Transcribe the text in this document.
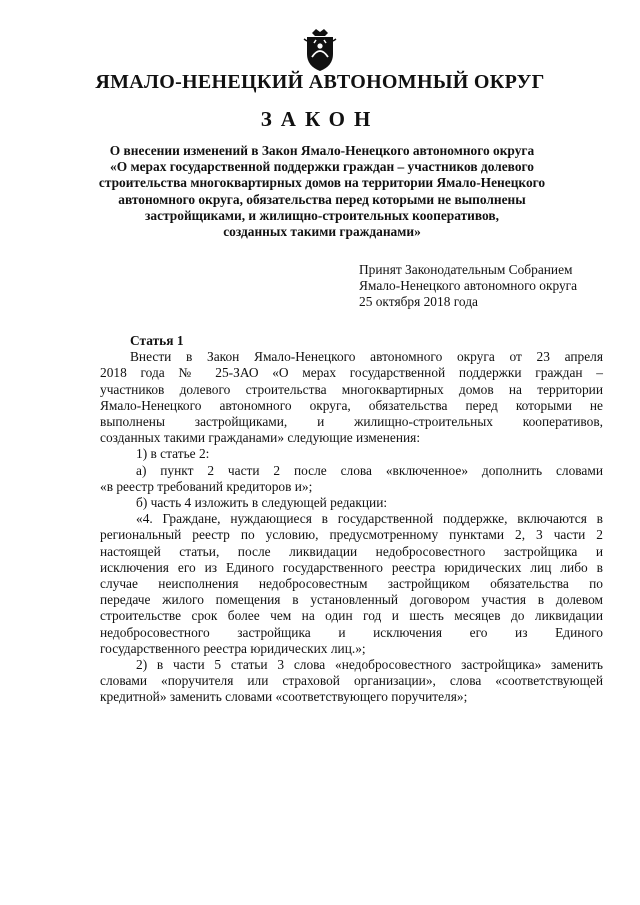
ЯМАЛО-НЕНЕЦКИЙ АВТОНОМНЫЙ ОКРУГ
ЗАКОН
О внесении изменений в Закон Ямало-Ненецкого автономного округа
«О мерах государственной поддержки граждан – участников долевого
строительства многоквартирных домов на территории Ямало-Ненецкого
автономного округа, обязательства перед которыми не выполнены
застройщиками, и жилищно-строительных кооперативов,
созданных такими гражданами»
Принят Законодательным Собранием
Ямало-Ненецкого автономного округа
25 октября 2018 года
Статья 1
Внести в Закон Ямало-Ненецкого автономного округа от 23 апреля
2018 года № 25-ЗАО «О мерах государственной поддержки граждан –
участников долевого строительства многоквартирных домов на территории
Ямало-Ненецкого автономного округа, обязательства перед которыми не
выполнены застройщиками, и жилищно-строительных кооперативов,
созданных такими гражданами» следующие изменения:
1) в статье 2:
а) пункт 2 части 2 после слова «включенное» дополнить словами
«в реестр требований кредиторов и»;
б) часть 4 изложить в следующей редакции:
«4. Граждане, нуждающиеся в государственной поддержке, включаются в
региональный реестр по условию, предусмотренному пунктами 2, 3 части 2
настоящей статьи, после ликвидации недобросовестного застройщика и
исключения его из Единого государственного реестра юридических лиц либо в
случае неисполнения недобросовестным застройщиком обязательства по
передаче жилого помещения в установленный договором участия в долевом
строительстве срок более чем на один год и шесть месяцев до ликвидации
недобросовестного застройщика и исключения его из Единого
государственного реестра юридических лиц.»;
2) в части 5 статьи 3 слова «недобросовестного застройщика» заменить
словами «поручителя или страховой организации», слова «соответствующей
кредитной» заменить словами «соответствующего поручителя»;
